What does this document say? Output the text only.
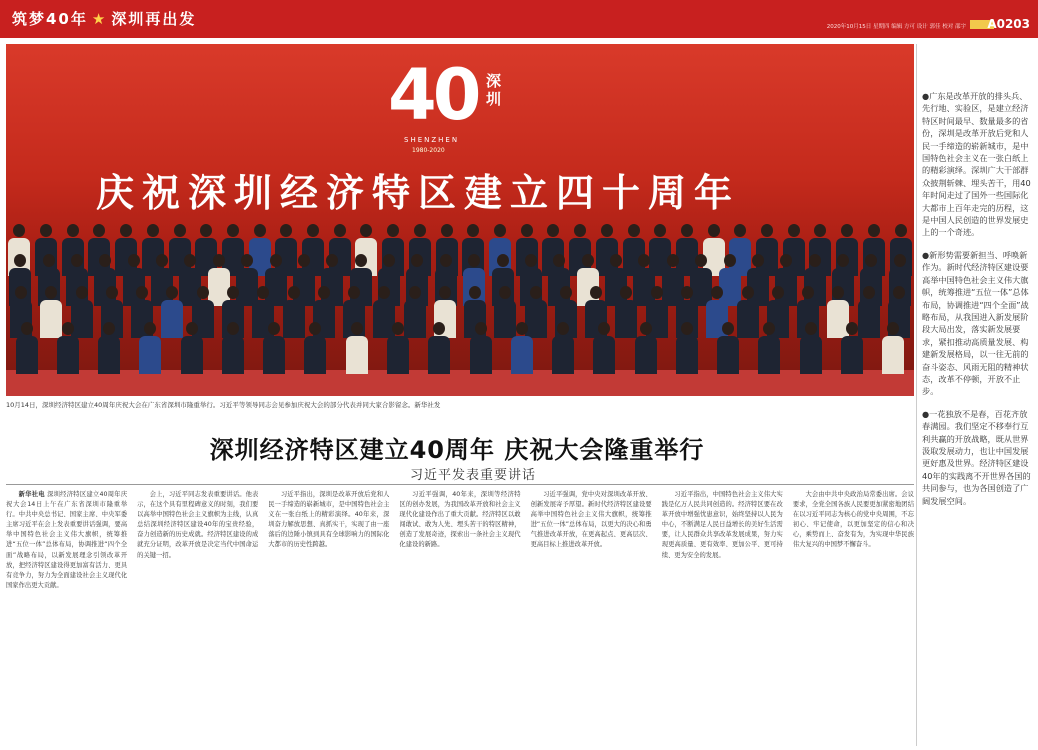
筑梦40年 ★ 深圳再出发	2020年10月15日 星期四 编辑 方可 设计 郭佳 校对 邵宇 A0203
40 深圳
SHENZHEN
1980-2020
庆祝深圳经济特区建立四十周年
10月14日，深圳经济特区建立40周年庆祝大会在广东省深圳市隆重举行。习近平等领导同志会见参加庆祝大会的部分代表并同大家合影留念。新华社发

●广东是改革开放的排头兵、先行地、实验区，是建立经济特区时间最早、数量最多的省份，深圳是改革开放后党和人民一手缔造的崭新城市，是中国特色社会主义在一张白纸上的精彩演绎。深圳广大干部群众披荆斩棘、埋头苦干，用40年时间走过了国外一些国际化大都市上百年走完的历程，这是中国人民创造的世界发展史上的一个奇迹。

●新形势需要新担当、呼唤新作为。新时代经济特区建设要高举中国特色社会主义伟大旗帜，统筹推进“五位一体”总体布局，协调推进“四个全面”战略布局，从我国进入新发展阶段大局出发，落实新发展要求，紧扣推动高质量发展、构建新发展格局，以一往无前的奋斗姿态、风雨无阻的精神状态，改革不停顿，开放不止步。

●一花独放不是春，百花齐放春满园。我们坚定不移奉行互利共赢的开放战略，既从世界汲取发展动力，也让中国发展更好惠及世界。经济特区建设40年的实践离不开世界各国的共同参与，也为各国创造了广阔发展空间。

深圳经济特区建立40周年 庆祝大会隆重举行
习近平发表重要讲话

新华社电 深圳经济特区建立40周年庆祝大会14日上午在广东省深圳市隆重举行。中共中央总书记、国家主席、中央军委主席习近平在会上发表重要讲话强调，要高举中国特色社会主义伟大旗帜，统筹推进“五位一体”总体布局，协调推进“四个全面”战略布局，以新发展理念引领改革开放，把经济特区建设得更加富有活力、更具有竞争力，努力为全面建设社会主义现代化国家作出更大贡献。

会上，习近平同志发表重要讲话。他表示，在这个具有里程碑意义的时刻，我们要以高举中国特色社会主义旗帜为主线，认真总结深圳经济特区建设40年的宝贵经验，奋力创造新的历史成就。经济特区建设的成就充分证明，改革开放是决定当代中国命运的关键一招。

习近平指出，深圳是改革开放后党和人民一手缔造的崭新城市，是中国特色社会主义在一张白纸上的精彩演绎。40年来，深圳奋力解放思想、真抓实干，实现了由一座落后的边陲小镇到具有全球影响力的国际化大都市的历史性跨越。

习近平强调，40年来，深圳等经济特区的创办发展，为我国改革开放和社会主义现代化建设作出了重大贡献。经济特区以敢闯敢试、敢为人先、埋头苦干的特区精神，创造了发展奇迹，探索出一条社会主义现代化建设的新路。

习近平强调，党中央对深圳改革开放、创新发展寄予厚望。新时代经济特区建设要高举中国特色社会主义伟大旗帜，统筹推进“五位一体”总体布局，以更大的决心和勇气推进改革开放，在更高起点、更高层次、更高目标上推进改革开放。

习近平指出，中国特色社会主义伟大实践是亿万人民共同创造的。经济特区要在改革开放中增强忧患意识，始终坚持以人民为中心，不断满足人民日益增长的美好生活需要，让人民群众共享改革发展成果，努力实现更高质量、更有效率、更加公平、更可持续、更为安全的发展。

大会由中共中央政治局常委出席。会议要求，全党全国各族人民要更加紧密地团结在以习近平同志为核心的党中央周围，不忘初心、牢记使命，以更加坚定的信心和决心，乘势而上、奋发有为，为实现中华民族伟大复兴的中国梦不懈奋斗。
